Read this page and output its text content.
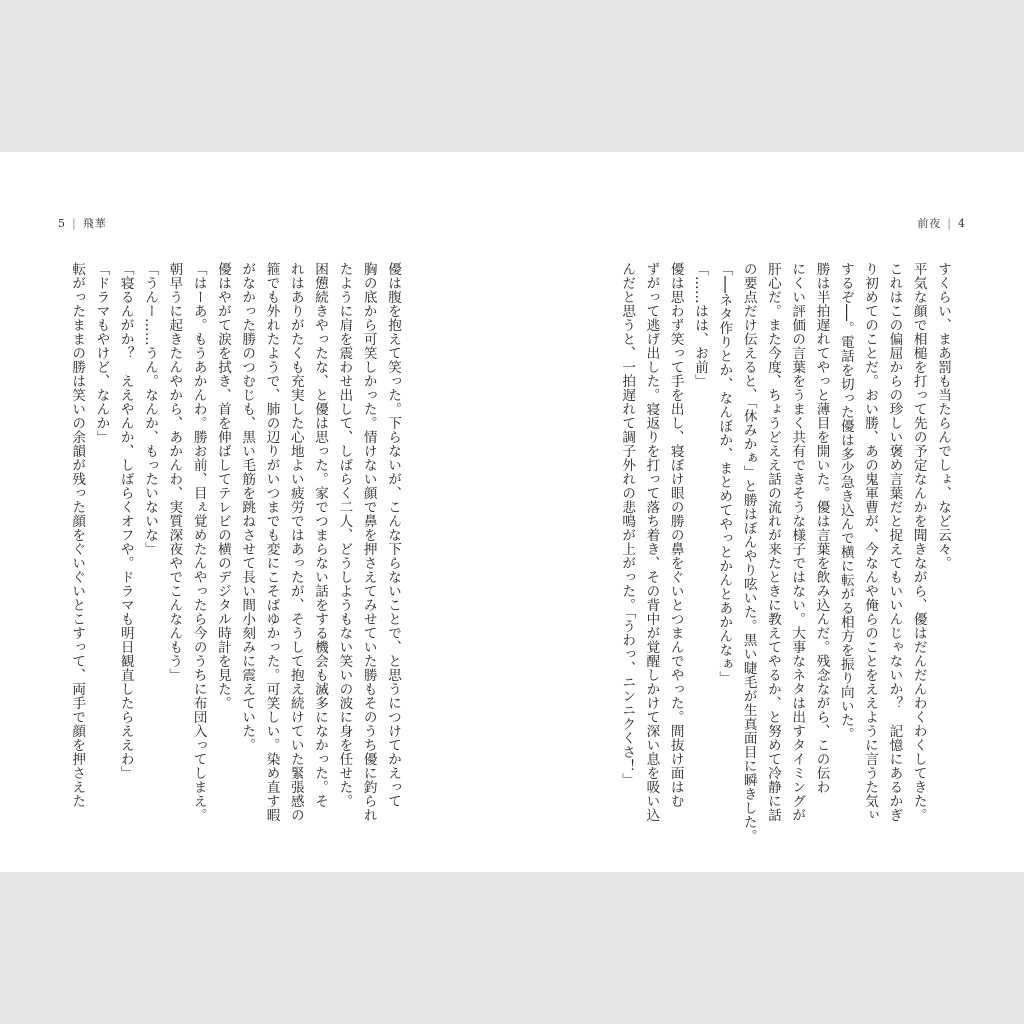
5 | 飛華	前夜 | 4
すくらい、まあ罰も当たらんでしょ、など云々。
平気な顔で相槌を打って先の予定なんかを聞きながら、優はだんだんわくわくしてきた。
これはこの偏屈からの珍しい褒め言葉だと捉えてもいいんじゃないか？　記憶にあるかぎ
り初めてのことだ。おい勝、あの鬼軍曹が、今なんや俺らのことをええように言うた気ぃ
するぞ──。電話を切った優は多少急き込んで横に転がる相方を振り向いた。
勝は半拍遅れてやっと薄目を開いた。優は言葉を飲み込んだ。残念ながら、この伝わ
にくい評価の言葉をうまく共有できそうな様子ではない。大事なネタは出すタイミングが
肝心だ。また今度、ちょうどええ話の流れが来たときに教えてやるか、と努めて冷静に話
の要点だけ伝えると、「休みかぁ」と勝はぼんやり呟いた。黒い睫毛が生真面目に瞬きした。
「──ネタ作りとか、なんぼか、まとめてやっとかんとあかんなぁ」
「……はは、お前」
優は思わず笑って手を出し、寝ぼけ眼の勝の鼻をぐいとつまんでやった。間抜け面はむ
ずがって逃げ出した。寝返りを打って落ち着き、その背中が覚醒しかけて深い息を吸い込
んだと思うと、一拍遅れて調子外れの悲鳴が上がった。「うわっ、ニンニクくさ！」
優は腹を抱えて笑った。下らないが、こんな下らないことで、と思うにつけてかえって
胸の底から可笑しかった。情けない顔で鼻を押さえてみせていた勝もそのうち優に釣られ
たように肩を震わせ出して、しばらく二人、どうしようもない笑いの波に身を任せた。
困憊続きやったな、と優は思った。家でつまらない話をする機会も滅多になかった。そ
れはありがたくも充実した心地よい疲労ではあったが、そうして抱え続けていた緊張感の
箍でも外れたようで、肺の辺りがいつまでも変にこそばゆかった。可笑しい。染め直す暇
がなかった勝のつむじも、黒い毛筋を跳ねさせて長い間小刻みに震えていた。
優はやがて涙を拭き、首を伸ばしてテレビの横のデジタル時計を見た。
「はーあ。もうあかんわ。勝お前、目ぇ覚めたんやったら今のうちに布団入ってしまえ。
朝早うに起きたんやから、あかんわ、実質深夜やでこんなんもう」
「うんー……うん。なんか、もったいないな」
「寝るんがか？　ええやんか、しばらくオフや。ドラマも明日観直したらええわ」
「ドラマもやけど、なんか」
転がったままの勝は笑いの余韻が残った顔をぐいぐいとこすって、両手で顔を押さえた
